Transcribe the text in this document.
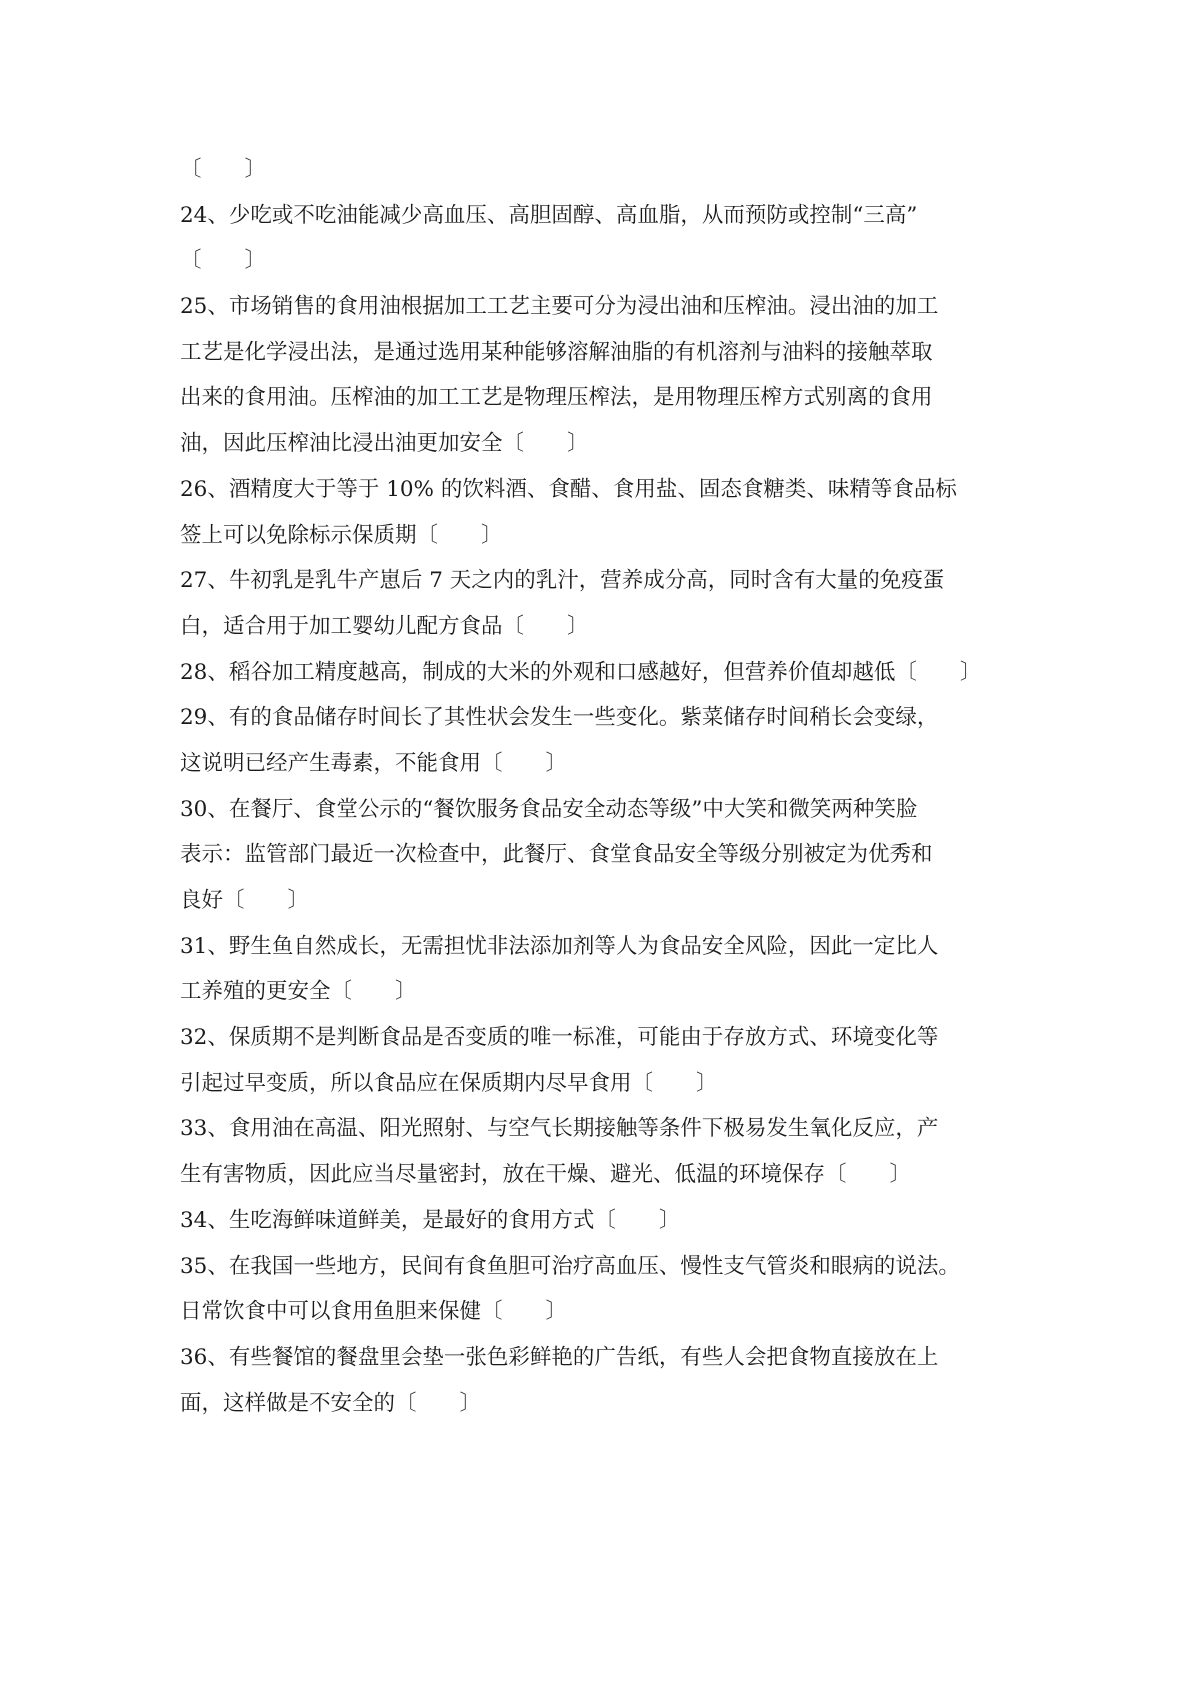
〔　　〕
24、少吃或不吃油能减少高血压、高胆固醇、高血脂，从而预防或控制“三高”
〔　　〕
25、市场销售的食用油根据加工工艺主要可分为浸出油和压榨油。浸出油的加工
工艺是化学浸出法，是通过选用某种能够溶解油脂的有机溶剂与油料的接触萃取
出来的食用油。压榨油的加工工艺是物理压榨法，是用物理压榨方式别离的食用
油，因此压榨油比浸出油更加安全〔　　〕
26、酒精度大于等于 10% 的饮料酒、食醋、食用盐、固态食糖类、味精等食品标
签上可以免除标示保质期〔　　〕
27、牛初乳是乳牛产崽后 7 天之内的乳汁，营养成分高，同时含有大量的免疫蛋
白，适合用于加工婴幼儿配方食品〔　　〕
28、稻谷加工精度越高，制成的大米的外观和口感越好，但营养价值却越低〔　　〕
29、有的食品储存时间长了其性状会发生一些变化。紫菜储存时间稍长会变绿，
这说明已经产生毒素，不能食用〔　　〕
30、在餐厅、食堂公示的“餐饮服务食品安全动态等级”中大笑和微笑两种笑脸
表示：监管部门最近一次检查中，此餐厅、食堂食品安全等级分别被定为优秀和
良好〔　　〕
31、野生鱼自然成长，无需担忧非法添加剂等人为食品安全风险，因此一定比人
工养殖的更安全〔　　〕
32、保质期不是判断食品是否变质的唯一标准，可能由于存放方式、环境变化等
引起过早变质，所以食品应在保质期内尽早食用〔　　〕
33、食用油在高温、阳光照射、与空气长期接触等条件下极易发生氧化反应，产
生有害物质，因此应当尽量密封，放在干燥、避光、低温的环境保存〔　　〕
34、生吃海鲜味道鲜美，是最好的食用方式〔　　〕
35、在我国一些地方，民间有食鱼胆可治疗高血压、慢性支气管炎和眼病的说法。
日常饮食中可以食用鱼胆来保健〔　　〕
36、有些餐馆的餐盘里会垫一张色彩鲜艳的广告纸，有些人会把食物直接放在上
面，这样做是不安全的〔　　〕
